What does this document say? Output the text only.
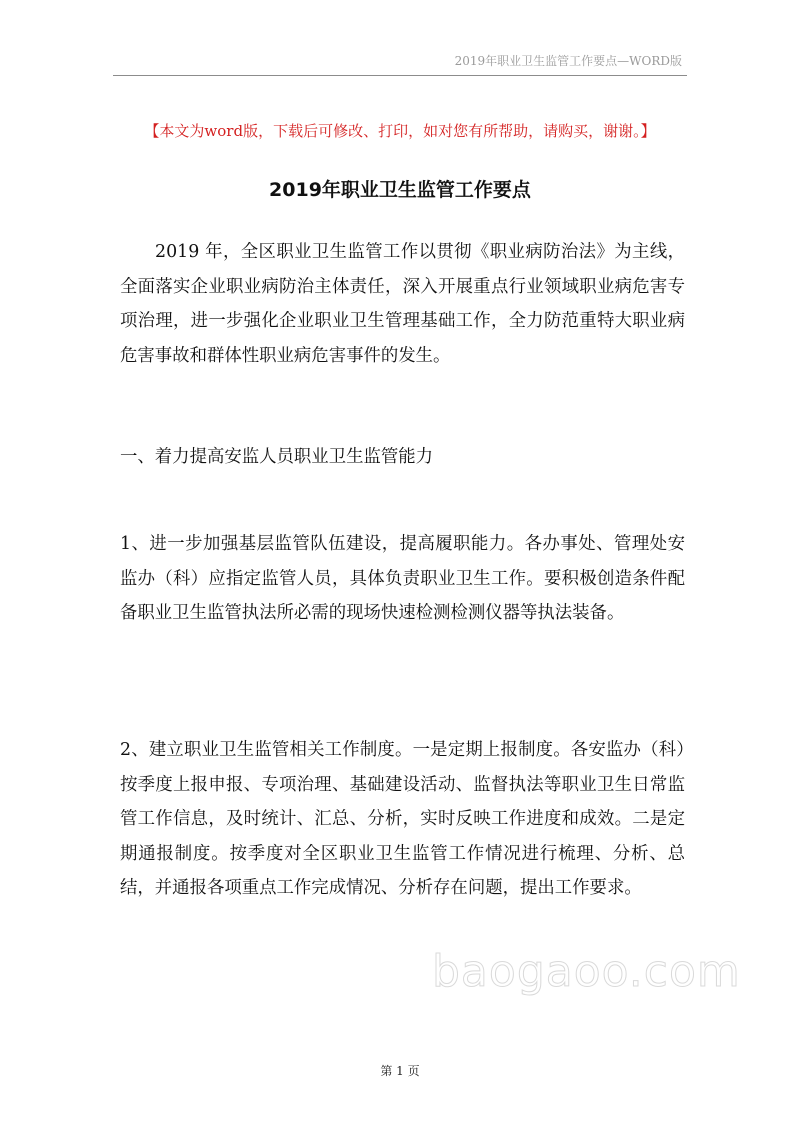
2019年职业卫生监管工作要点—WORD版
【本文为word版，下载后可修改、打印，如对您有所帮助，请购买，谢谢。】
2019年职业卫生监管工作要点
2019 年，全区职业卫生监管工作以贯彻《职业病防治法》为主线，全面落实企业职业病防治主体责任，深入开展重点行业领域职业病危害专项治理，进一步强化企业职业卫生管理基础工作，全力防范重特大职业病危害事故和群体性职业病危害事件的发生。
一、着力提高安监人员职业卫生监管能力
1、进一步加强基层监管队伍建设，提高履职能力。各办事处、管理处安监办（科）应指定监管人员，具体负责职业卫生工作。要积极创造条件配备职业卫生监管执法所必需的现场快速检测检测仪器等执法装备。
2、建立职业卫生监管相关工作制度。一是定期上报制度。各安监办（科）按季度上报申报、专项治理、基础建设活动、监督执法等职业卫生日常监管工作信息，及时统计、汇总、分析，实时反映工作进度和成效。二是定期通报制度。按季度对全区职业卫生监管工作情况进行梳理、分析、总结，并通报各项重点工作完成情况、分析存在问题，提出工作要求。
baogaoo.com
第 1 页
